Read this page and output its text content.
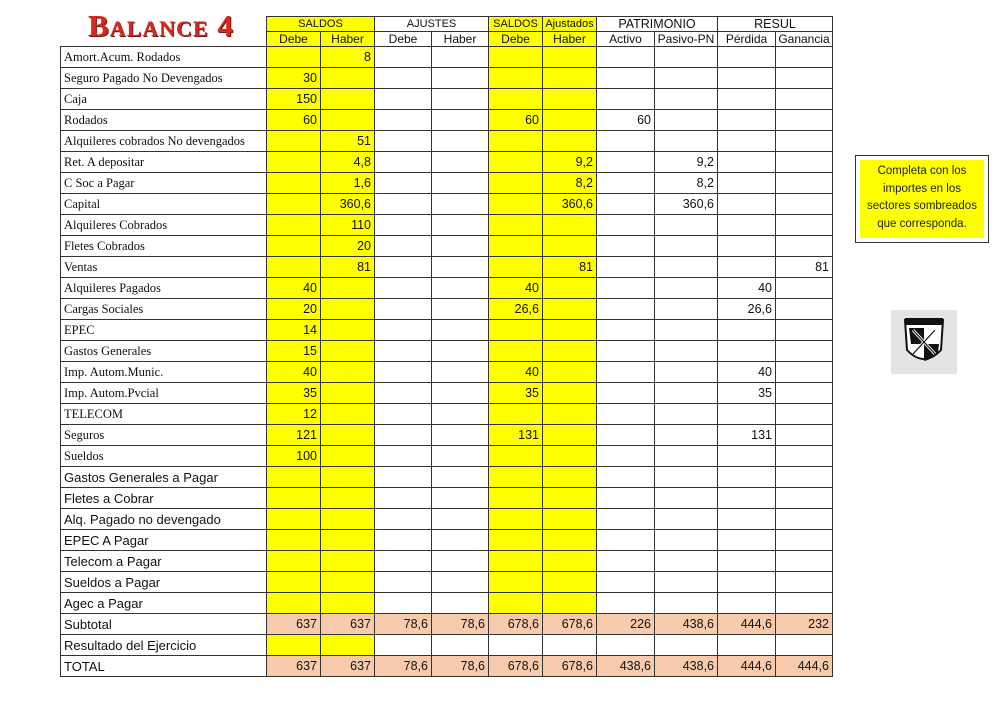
Balance 4
		SALDOS		AJUSTES		SALDOS	Ajustados	PATRIMONIO		RESUL	
	Debe	Haber	Debe	Haber	Debe	Haber	Activo	Pasivo-PN	Pérdida	Ganancia
Amort.Acum. Rodados		8								
Seguro Pagado No Devengados	30									
Caja	150									
Rodados	60				60		60			
Alquileres cobrados No devengados		51								
Ret. A depositar		4,8				9,2		9,2		
C Soc a Pagar		1,6				8,2		8,2		
Capital		360,6				360,6		360,6		
Alquileres Cobrados		110								
Fletes Cobrados		20								
Ventas		81				81				81
Alquileres Pagados	40				40				40	
Cargas Sociales	20				26,6				26,6	
EPEC	14									
Gastos Generales	15									
Imp. Autom.Munic.	40				40				40	
Imp. Autom.Pvcial	35				35				35	
TELECOM	12									
Seguros	121				131				131	
Sueldos	100									
Gastos Generales a Pagar										
Fletes a Cobrar										
Alq. Pagado no devengado										
EPEC A Pagar										
Telecom a Pagar										
Sueldos a Pagar										
Agec a Pagar										
Subtotal	637	637	78,6	78,6	678,6	678,6	226	438,6	444,6	232
Resultado del Ejercicio										
TOTAL	637	637	78,6	78,6	678,6	678,6	438,6	438,6	444,6	444,6
Completa con los importes en los sectores sombreados que corresponda.
